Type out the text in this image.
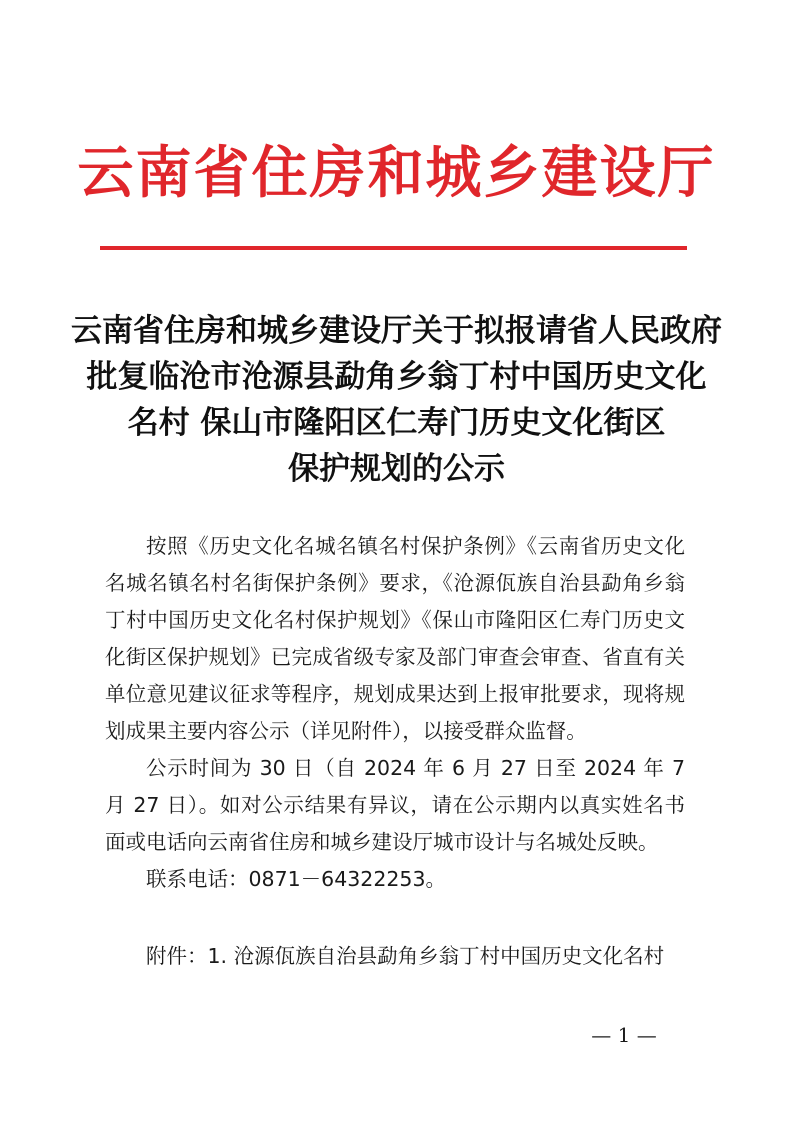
云南省住房和城乡建设厅
云南省住房和城乡建设厅关于拟报请省人民政府
批复临沧市沧源县勐角乡翁丁村中国历史文化
名村 保山市隆阳区仁寿门历史文化街区
保护规划的公示

按照《历史文化名城名镇名村保护条例》《云南省历史文化名城名镇名村名街保护条例》要求，《沧源佤族自治县勐角乡翁丁村中国历史文化名村保护规划》《保山市隆阳区仁寿门历史文化街区保护规划》已完成省级专家及部门审查会审查、省直有关单位意见建议征求等程序，规划成果达到上报审批要求，现将规划成果主要内容公示（详见附件），以接受群众监督。

公示时间为 30 日（自 2024 年 6 月 27 日至 2024 年 7 月 27 日）。如对公示结果有异议，请在公示期内以真实姓名书面或电话向云南省住房和城乡建设厅城市设计与名城处反映。

联系电话：0871－64322253。

附件：1. 沧源佤族自治县勐角乡翁丁村中国历史文化名村
— 1 —
